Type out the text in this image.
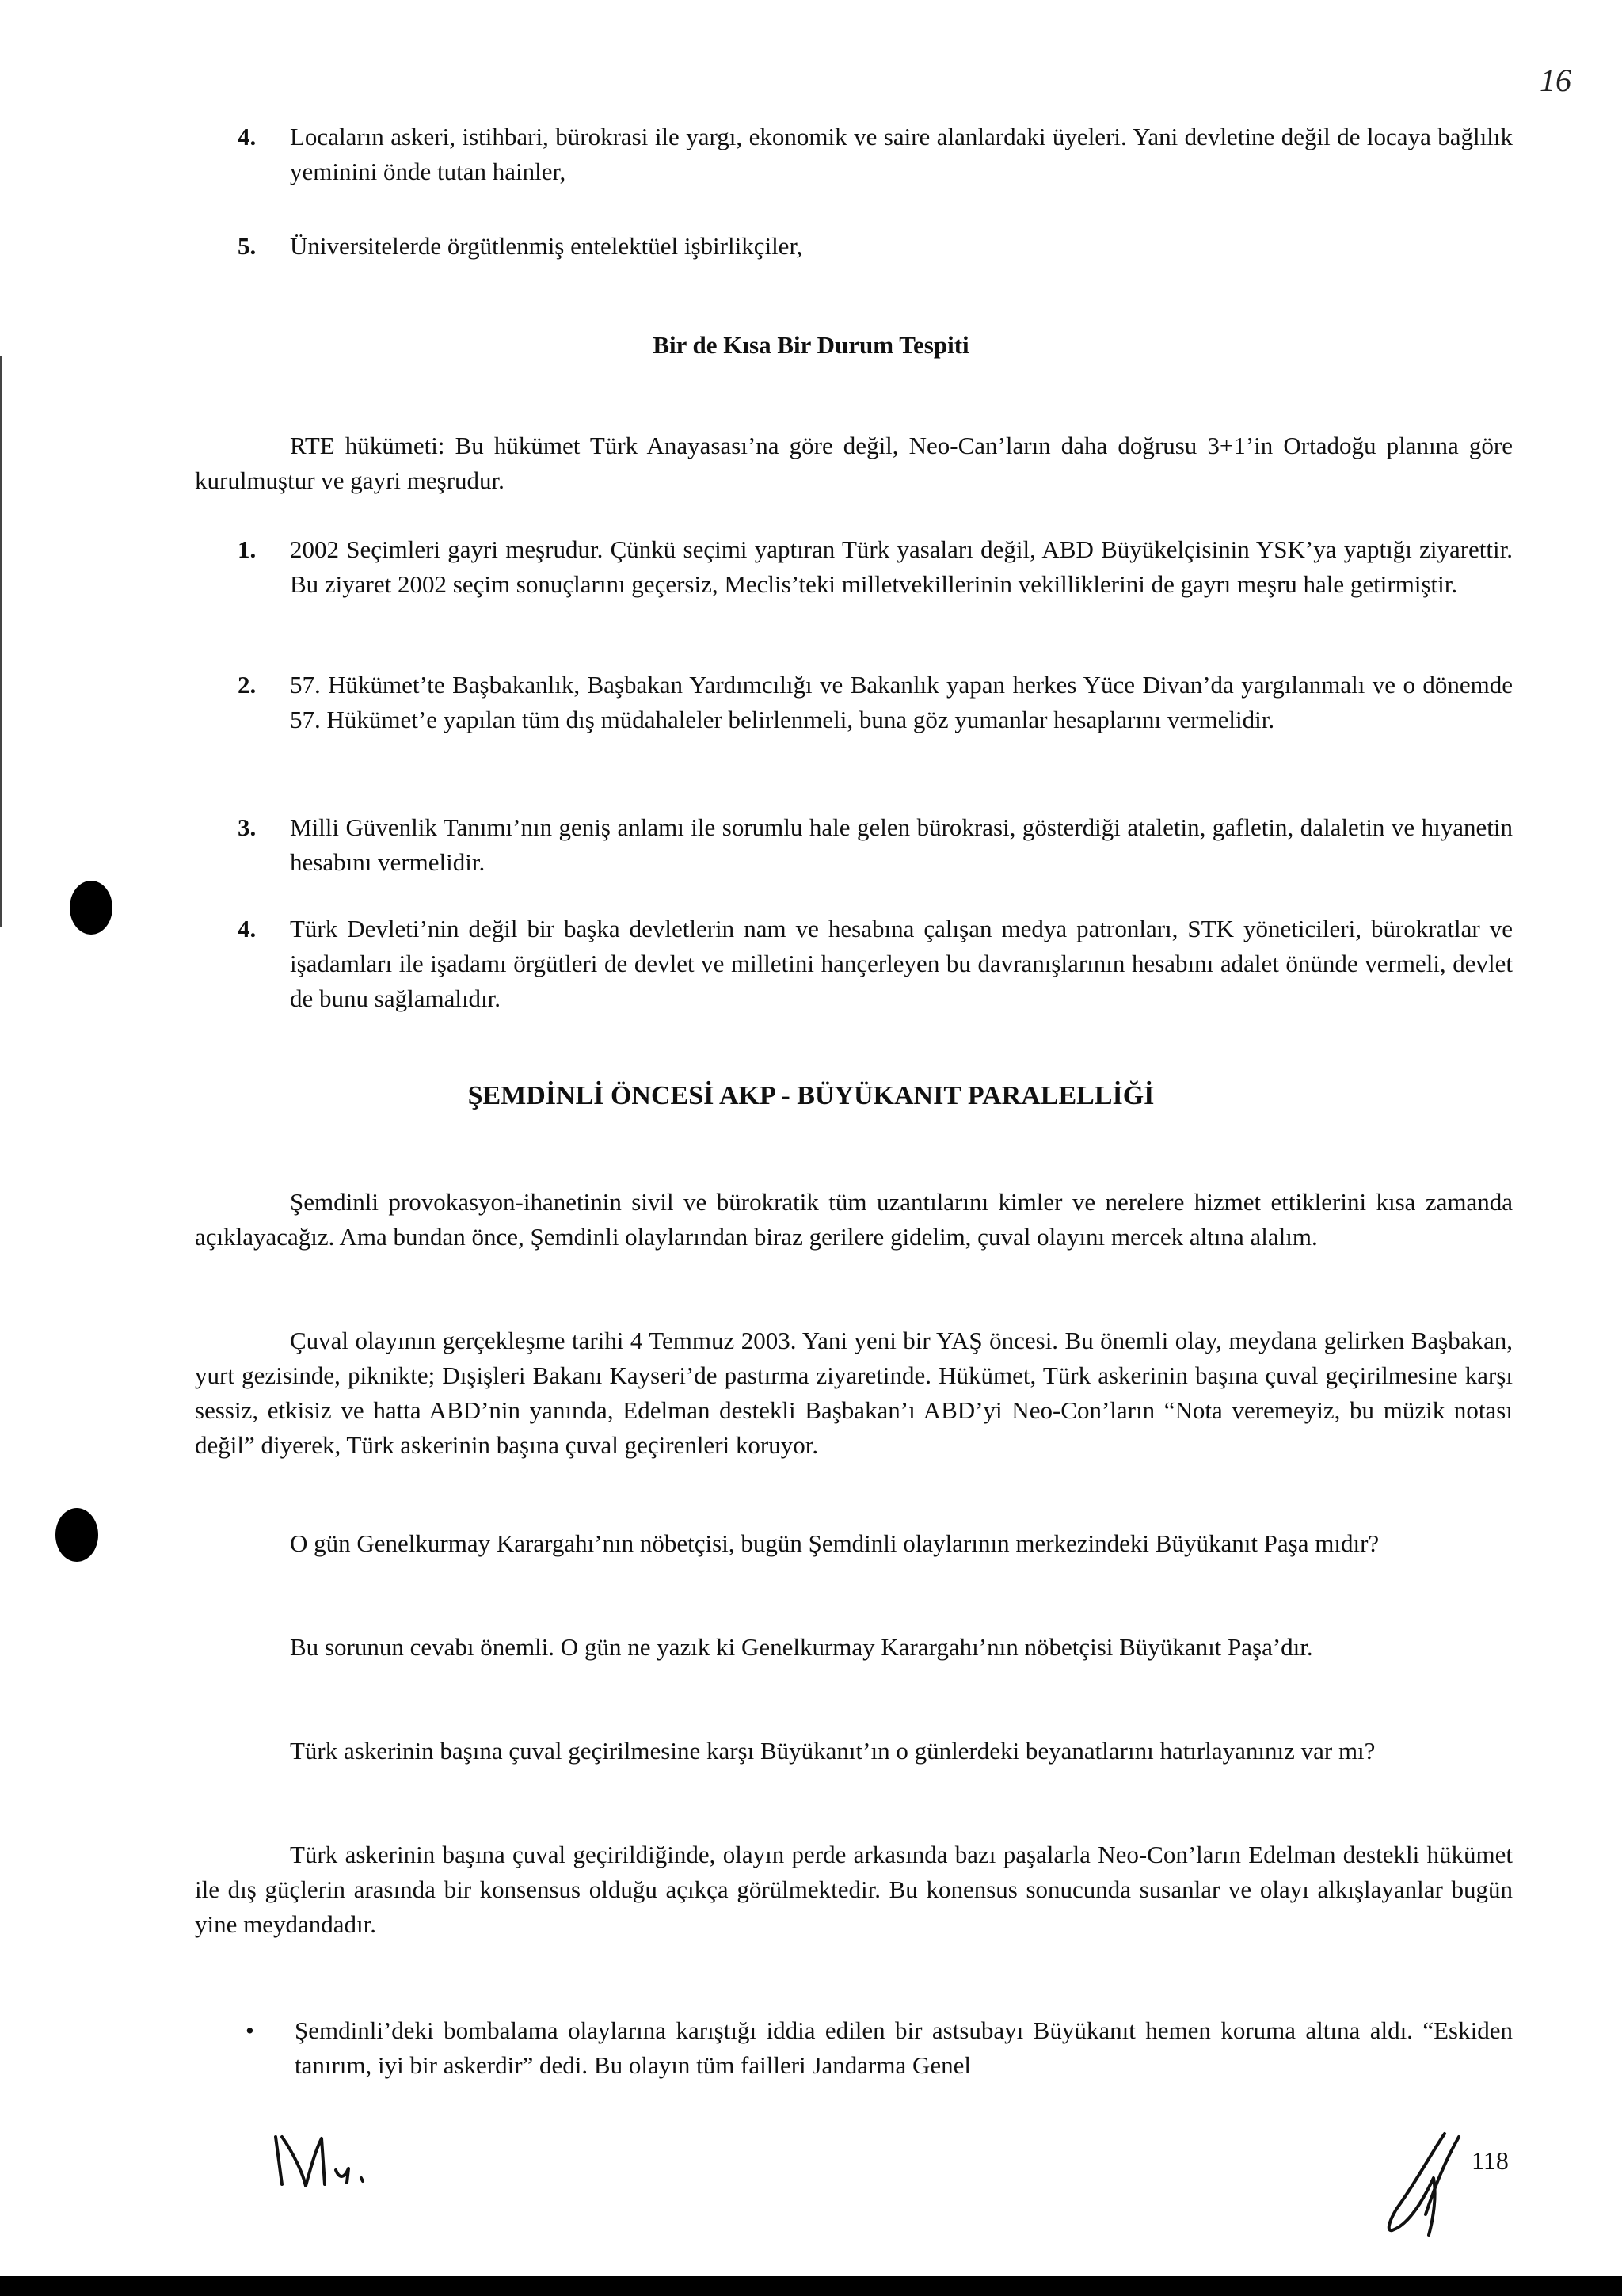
16
4. Locaların askeri, istihbari, bürokrasi ile yargı, ekonomik ve saire alanlardaki üyeleri. Yani devletine değil de locaya bağlılık yeminini önde tutan hainler,
5. Üniversitelerde örgütlenmiş entelektüel işbirlikçiler,
Bir de Kısa Bir Durum Tespiti
RTE hükümeti: Bu hükümet Türk Anayasası’na göre değil, Neo-Can’ların daha doğrusu 3+1’in Ortadoğu planına göre kurulmuştur ve gayri meşrudur.
1. 2002 Seçimleri gayri meşrudur. Çünkü seçimi yaptıran Türk yasaları değil, ABD Büyükelçisinin YSK’ya yaptığı ziyarettir. Bu ziyaret 2002 seçim sonuçlarını geçersiz, Meclis’teki milletvekillerinin vekilliklerini de gayrı meşru hale getirmiştir.
2. 57. Hükümet’te Başbakanlık, Başbakan Yardımcılığı ve Bakanlık yapan herkes Yüce Divan’da yargılanmalı ve o dönemde 57. Hükümet’e yapılan tüm dış müdahaleler belirlenmeli, buna göz yumanlar hesaplarını vermelidir.
3. Milli Güvenlik Tanımı’nın geniş anlamı ile sorumlu hale gelen bürokrasi, gösterdiği ataletin, gafletin, dalaletin ve hıyanetin hesabını vermelidir.
4. Türk Devleti’nin değil bir başka devletlerin nam ve hesabına çalışan medya patronları, STK yöneticileri, bürokratlar ve işadamları ile işadamı örgütleri de devlet ve milletini hançerleyen bu davranışlarının hesabını adalet önünde vermeli, devlet de bunu sağlamalıdır.
ŞEMDİNLİ ÖNCESİ AKP - BÜYÜKANIT PARALELLİĞİ
Şemdinli provokasyon-ihanetinin sivil ve bürokratik tüm uzantılarını kimler ve nerelere hizmet ettiklerini kısa zamanda açıklayacağız. Ama bundan önce, Şemdinli olaylarından biraz gerilere gidelim, çuval olayını mercek altına alalım.
Çuval olayının gerçekleşme tarihi 4 Temmuz 2003. Yani yeni bir YAŞ öncesi. Bu önemli olay, meydana gelirken Başbakan, yurt gezisinde, piknikte; Dışişleri Bakanı Kayseri’de pastırma ziyaretinde. Hükümet, Türk askerinin başına çuval geçirilmesine karşı sessiz, etkisiz ve hatta ABD’nin yanında, Edelman destekli Başbakan’ı ABD’yi Neo-Con’ların “Nota veremeyiz, bu müzik notası değil” diyerek, Türk askerinin başına çuval geçirenleri koruyor.
O gün Genelkurmay Karargahı’nın nöbetçisi, bugün Şemdinli olaylarının merkezindeki Büyükanıt Paşa mıdır?
Bu sorunun cevabı önemli. O gün ne yazık ki Genelkurmay Karargahı’nın nöbetçisi Büyükanıt Paşa’dır.
Türk askerinin başına çuval geçirilmesine karşı Büyükanıt’ın o günlerdeki beyanatlarını hatırlayanınız var mı?
Türk askerinin başına çuval geçirildiğinde, olayın perde arkasında bazı paşalarla Neo-Con’ların Edelman destekli hükümet ile dış güçlerin arasında bir konsensus olduğu açıkça görülmektedir. Bu konensus sonucunda susanlar ve olayı alkışlayanlar bugün yine meydandadır.
• Şemdinli’deki bombalama olaylarına karıştığı iddia edilen bir astsubayı Büyükanıt hemen koruma altına aldı. “Eskiden tanırım, iyi bir askerdir” dedi. Bu olayın tüm failleri Jandarma Genel
118
